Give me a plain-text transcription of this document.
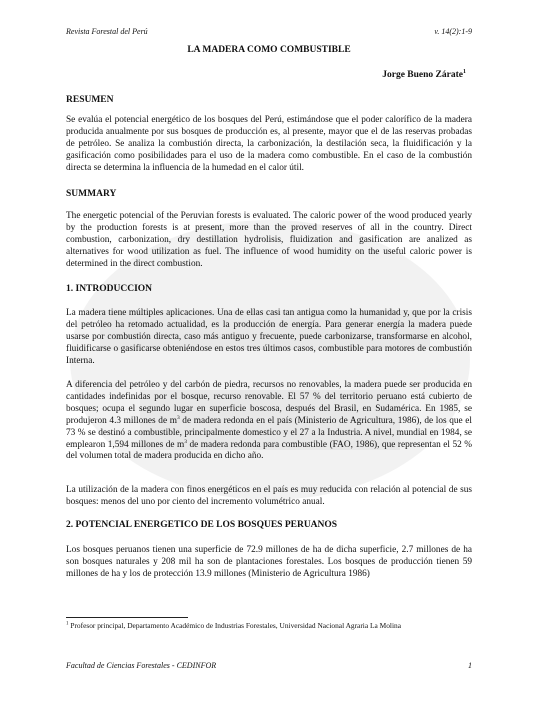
Revista Forestal del Perú	v. 14(2):1-9
LA MADERA COMO COMBUSTIBLE
Jorge Bueno Zárate$^1$
RESUMEN
Se evalúa el potencial energético de los bosques del Perú, estimándose que el poder calorífico de la madera producida anualmente por sus bosques de producción es, al presente, mayor que el de las reservas probadas de petróleo. Se analiza la combustión directa, la carbonización, la destilación seca, la fluidificación y la gasificación como posibilidades para el uso de la madera como combustible. En el caso de la combustión directa se determina la influencia de la humedad en el calor útil.
SUMMARY
The energetic potencial of the Peruvian forests is evaluated. The caloric power of the wood produced yearly by the production forests is at present, more than the proved reserves of all in the country. Direct combustion, carbonization, dry destillation hydrolisis, fluidization and gasification are analized as alternatives for wood utilization as fuel. The influence of wood humidity on the useful caloric power is determined in the direct combustion.
1. INTRODUCCION
La madera tiene múltiples aplicaciones. Una de ellas casi tan antigua como la humanidad y, que por la crisis del petróleo ha retomado actualidad, es la producción de energía. Para generar energía la madera puede usarse por combustión directa, caso más antiguo y frecuente, puede carbonizarse, transformarse en alcohol, fluidificarse o gasificarse obteniéndose en estos tres últimos casos, combustible para motores de combustión Interna.
A diferencia del petróleo y del carbón de piedra, recursos no renovables, la madera puede ser producida en cantidades indefinidas por el bosque, recurso renovable. El 57 % del territorio peruano está cubierto de bosques; ocupa el segundo lugar en superficie boscosa, después del Brasil, en Sudamérica. En 1985, se produjeron 4.3 millones de $m^3$ de madera redonda en el país (Ministerio de Agricultura, 1986), de los que el 73 % se destinó a combustible, principalmente domestico y el 27 a la Industria. A nivel, mundial en 1984, se emplearon 1,594 millones de $m^3$ de madera redonda para combustible (FAO, 1986), que representan el 52 % del volumen total de madera producida en dicho año.
La utilización de la madera con finos energéticos en el país es muy reducida con relación al potencial de sus bosques: menos del uno por ciento del incremento volumétrico anual.
2. POTENCIAL ENERGETICO DE LOS BOSQUES PERUANOS
Los bosques peruanos tienen una superficie de 72.9 millones de ha de dicha superficie, 2.7 millones de ha son bosques naturales y 208 mil ha son de plantaciones forestales. Los bosques de producción tienen 59 millones de ha y los de protección 13.9 millones (Ministerio de Agricultura 1986)
$^1$ Profesor principal, Departamento Académico de Industrias Forestales, Universidad Nacional Agraria La Molina
Facultad de Ciencias Forestales - CEDINFOR	1
